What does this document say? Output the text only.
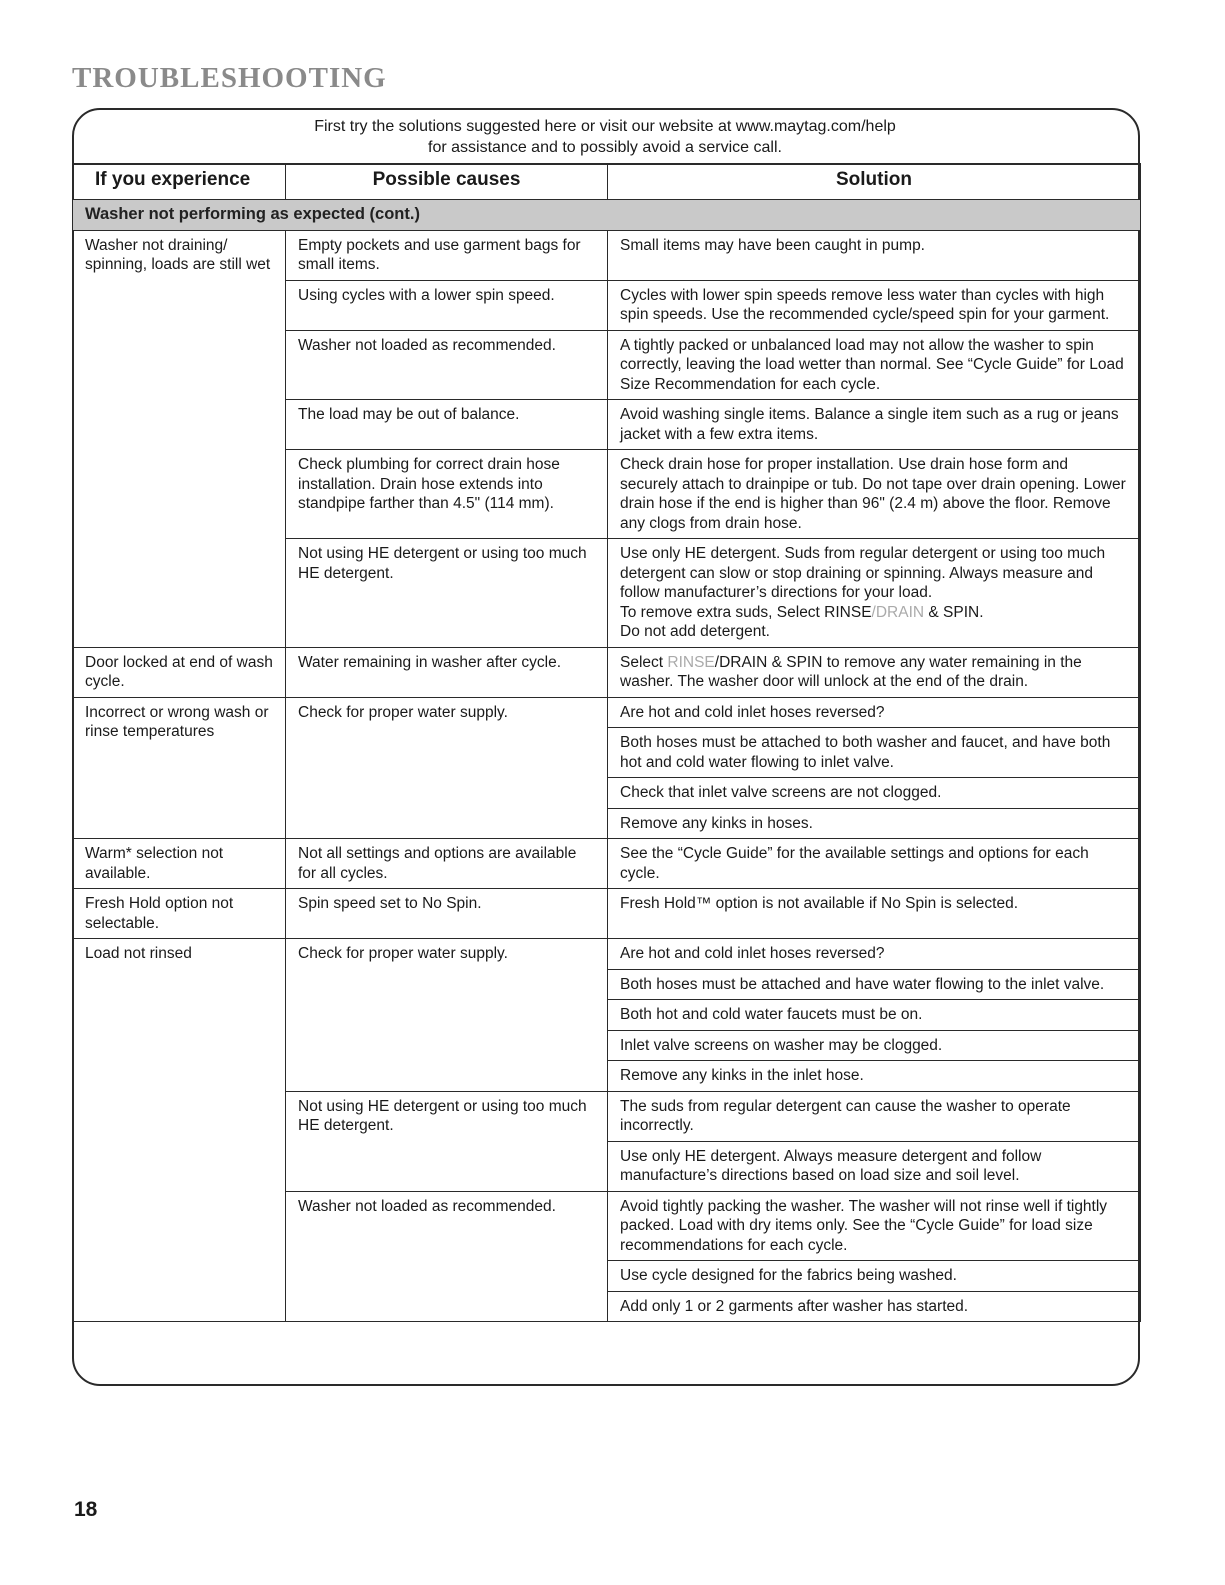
TROUBLESHOOTING
First try the solutions suggested here or visit our website at www.maytag.com/help
for assistance and to possibly avoid a service call.
If you experience	Possible causes	Solution
Washer not performing as expected (cont.)		
Washer not draining/ spinning, loads are still wet	Empty pockets and use garment bags for small items.	Small items may have been caught in pump.
	Using cycles with a lower spin speed.	Cycles with lower spin speeds remove less water than cycles with high spin speeds. Use the recommended cycle/speed spin for your garment.
	Washer not loaded as recommended.	A tightly packed or unbalanced load may not allow the washer to spin correctly, leaving the load wetter than normal. See “Cycle Guide” for Load Size Recommendation for each cycle.
	The load may be out of balance.	Avoid washing single items. Balance a single item such as a rug or jeans jacket with a few extra items.
	Check plumbing for correct drain hose installation. Drain hose extends into standpipe farther than 4.5" (114 mm).	Check drain hose for proper installation. Use drain hose form and securely attach to drainpipe or tub. Do not tape over drain opening. Lower drain hose if the end is higher than 96" (2.4 m) above the floor. Remove any clogs from drain hose.
	Not using HE detergent or using too much HE detergent.	Use only HE detergent. Suds from regular detergent or using too much detergent can slow or stop draining or spinning. Always measure and follow manufacturer’s directions for your load.
To remove extra suds, Select RINSE/DRAIN & SPIN.
Do not add detergent.

Door locked at end of wash cycle.	Water remaining in washer after cycle.	Select RINSE/DRAIN & SPIN to remove any water remaining in the washer. The washer door will unlock at the end of the drain.
Incorrect or wrong wash or rinse temperatures	Check for proper water supply.	Are hot and cold inlet hoses reversed?
		Both hoses must be attached to both washer and faucet, and have both hot and cold water flowing to inlet valve.
		Check that inlet valve screens are not clogged.
		Remove any kinks in hoses.
Warm* selection not available.	Not all settings and options are available for all cycles.	See the “Cycle Guide” for the available settings and options for each cycle.
Fresh Hold option not selectable.	Spin speed set to No Spin.	Fresh Hold™ option is not available if No Spin is selected.
Load not rinsed	Check for proper water supply.	Are hot and cold inlet hoses reversed?
		Both hoses must be attached and have water flowing to the inlet valve.
		Both hot and cold water faucets must be on.
		Inlet valve screens on washer may be clogged.
		Remove any kinks in the inlet hose.
	Not using HE detergent or using too much HE detergent.	The suds from regular detergent can cause the washer to operate incorrectly.
		Use only HE detergent. Always measure detergent and follow manufacture’s directions based on load size and soil level.
	Washer not loaded as recommended.	Avoid tightly packing the washer. The washer will not rinse well if tightly packed. Load with dry items only. See the “Cycle Guide” for load size recommendations for each cycle.
		Use cycle designed for the fabrics being washed.
		Add only 1 or 2 garments after washer has started.
18
